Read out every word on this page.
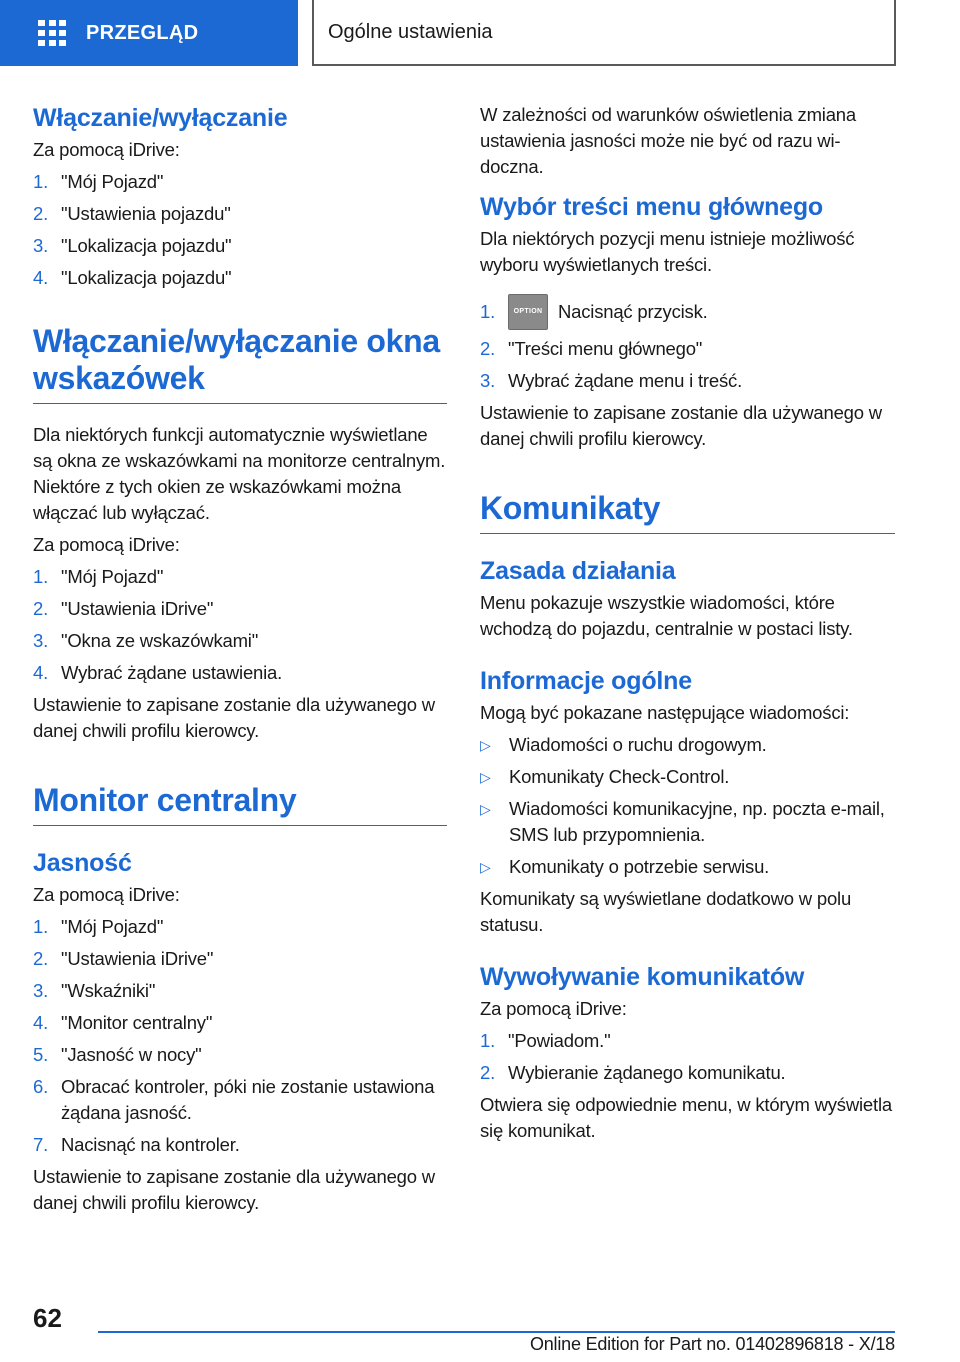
PRZEGLĄD	Ogólne ustawienia
Włączanie/wyłączanie

Za pomocą iDrive:

1. "Mój Pojazd"
2. "Ustawienia pojazdu"
3. "Lokalizacja pojazdu"
4. "Lokalizacja pojazdu"
Włączanie/wyłączanie okna wskazówek

Dla niektórych funkcji automatycznie wyświetlane są okna ze wskazówkami na monitorze centralnym. Niektóre z tych okien ze wskazówkami można włączać lub wyłączać.

Za pomocą iDrive:

1. "Mój Pojazd"
2. "Ustawienia iDrive"
3. "Okna ze wskazówkami"
4. Wybrać żądane ustawienia.

Ustawienie to zapisane zostanie dla używanego w danej chwili profilu kierowcy.

Monitor centralny
Jasność

Za pomocą iDrive:

1. "Mój Pojazd"
2. "Ustawienia iDrive"
3. "Wskaźniki"
4. "Monitor centralny"
5. "Jasność w nocy"
6. Obracać kontroler, póki nie zostanie ustawiona żądana jasność.
7. Nacisnąć na kontroler.

Ustawienie to zapisane zostanie dla używanego w danej chwili profilu kierowcy.

W zależności od warunków oświetlenia zmiana ustawienia jasności może nie być od razu widoczna.

Wybór treści menu głównego

Dla niektórych pozycji menu istnieje możliwość wyboru wyświetlanych treści.

1.	OPTION Nacisnąć przycisk.
2. "Treści menu głównego"
3. Wybrać żądane menu i treść.

Ustawienie to zapisane zostanie dla używanego w danej chwili profilu kierowcy.

Komunikaty
Zasada działania

Menu pokazuje wszystkie wiadomości, które wchodzą do pojazdu, centralnie w postaci listy.

Informacje ogólne

Mogą być pokazane następujące wiadomości:

▷ Wiadomości o ruchu drogowym.
▷ Komunikaty Check-Control.
▷ Wiadomości komunikacyjne, np. poczta e-mail, SMS lub przypomnienia.
▷ Komunikaty o potrzebie serwisu.

Komunikaty są wyświetlane dodatkowo w polu statusu.

Wywoływanie komunikatów

Za pomocą iDrive:

1. "Powiadom."
2. Wybieranie żądanego komunikatu.

Otwiera się odpowiednie menu, w którym wyświetla się komunikat.

62
Online Edition for Part no. 01402896818 - X/18
